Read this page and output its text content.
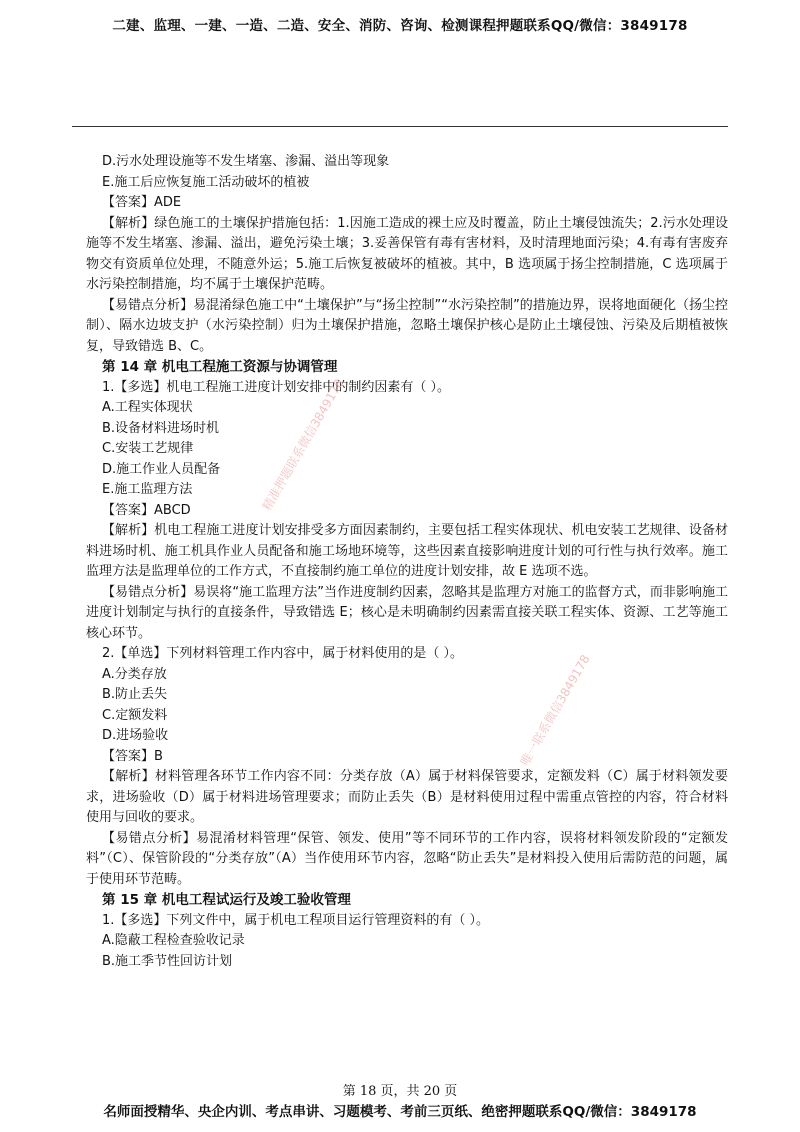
二建、监理、一建、一造、二造、安全、消防、咨询、检测课程押题联系QQ/微信：3849178

D.污水处理设施等不发生堵塞、渗漏、溢出等现象

E.施工后应恢复施工活动破坏的植被

【答案】ADE

【解析】绿色施工的土壤保护措施包括：1.因施工造成的裸土应及时覆盖，防止土壤侵蚀流失；2.污水处理设施等不发生堵塞、渗漏、溢出，避免污染土壤；3.妥善保管有毒有害材料，及时清理地面污染；4.有毒有害废弃物交有资质单位处理，不随意外运；5.施工后恢复被破坏的植被。其中，B 选项属于扬尘控制措施，C 选项属于水污染控制措施，均不属于土壤保护范畴。

【易错点分析】易混淆绿色施工中“土壤保护”与“扬尘控制”“水污染控制”的措施边界，误将地面硬化（扬尘控制）、隔水边坡支护（水污染控制）归为土壤保护措施，忽略土壤保护核心是防止土壤侵蚀、污染及后期植被恢复，导致错选 B、C。

第 14 章 机电工程施工资源与协调管理

1.【多选】机电工程施工进度计划安排中的制约因素有（ ）。

A.工程实体现状

B.设备材料进场时机

C.安装工艺规律

D.施工作业人员配备

E.施工监理方法

【答案】ABCD

【解析】机电工程施工进度计划安排受多方面因素制约，主要包括工程实体现状、机电安装工艺规律、设备材料进场时机、施工机具作业人员配备和施工场地环境等，这些因素直接影响进度计划的可行性与执行效率。施工监理方法是监理单位的工作方式，不直接制约施工单位的进度计划安排，故 E 选项不选。

【易错点分析】易误将“施工监理方法”当作进度制约因素，忽略其是监理方对施工的监督方式，而非影响施工进度计划制定与执行的直接条件，导致错选 E；核心是未明确制约因素需直接关联工程实体、资源、工艺等施工核心环节。

2.【单选】下列材料管理工作内容中，属于材料使用的是（ ）。

A.分类存放

B.防止丢失

C.定额发料

D.进场验收

【答案】B

【解析】材料管理各环节工作内容不同：分类存放（A）属于材料保管要求，定额发料（C）属于材料领发要求，进场验收（D）属于材料进场管理要求；而防止丢失（B）是材料使用过程中需重点管控的内容，符合材料使用与回收的要求。

【易错点分析】易混淆材料管理“保管、领发、使用”等不同环节的工作内容，误将材料领发阶段的“定额发料”（C）、保管阶段的“分类存放”（A）当作使用环节内容，忽略“防止丢失”是材料投入使用后需防范的问题，属于使用环节范畴。

第 15 章 机电工程试运行及竣工验收管理

1.【多选】下列文件中，属于机电工程项目运行管理资料的有（ ）。

A.隐蔽工程检查验收记录

B.施工季节性回访计划

精准押题联系微信3849178
唯一联系微信3849178
第 18 页，共 20 页
名师面授精华、央企内训、考点串讲、习题模考、考前三页纸、绝密押题联系QQ/微信：3849178
